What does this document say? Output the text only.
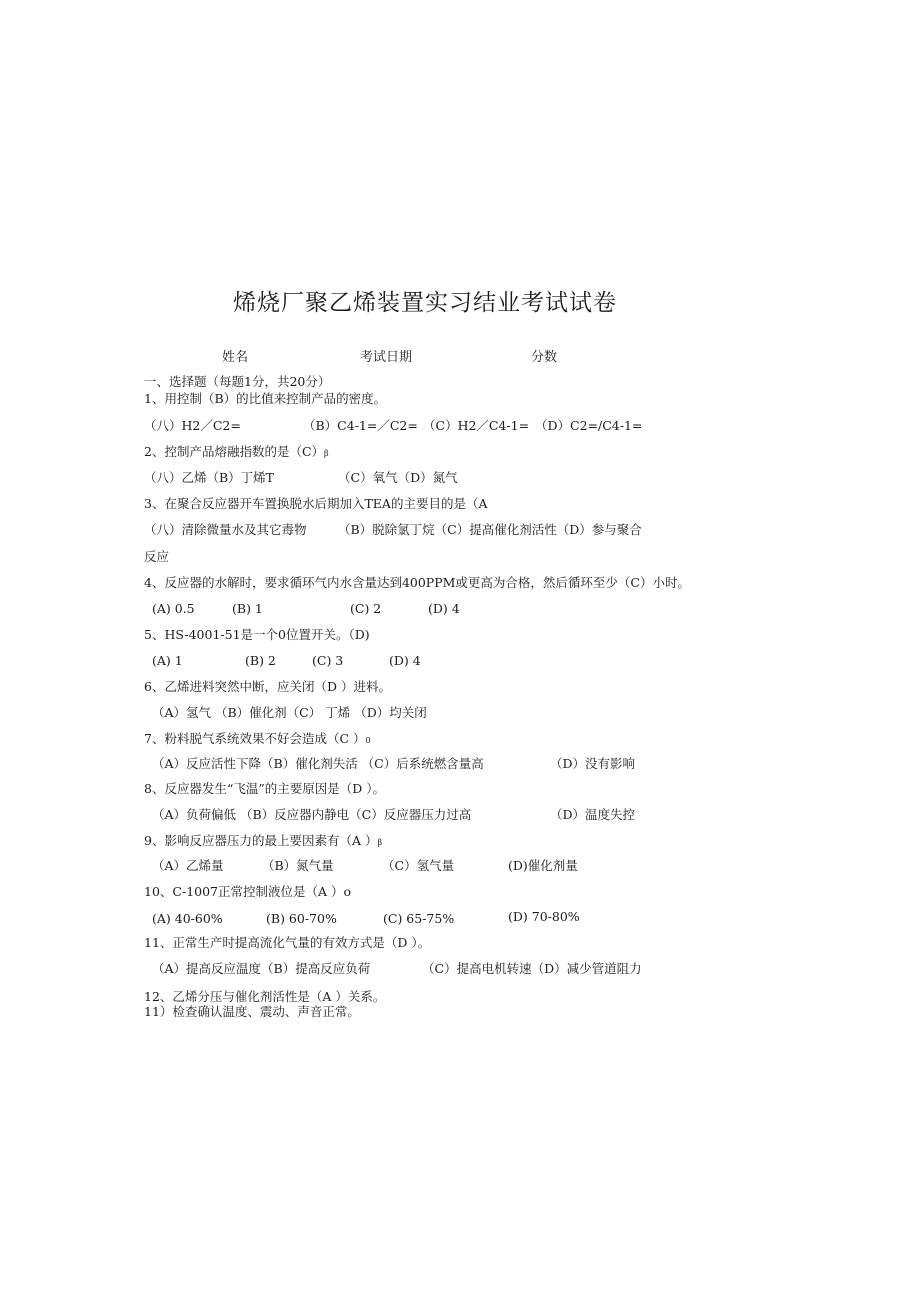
烯烧厂聚乙烯装置实习结业考试试卷
姓名	考试日期	分数
一、选择题（每题1分，共20分）
1、用控制（B）的比值来控制产品的密度。
（八）H2／C2=	（B）C4-1=／C2= （C）H2／C4-1= （D）C2=/C4-1=
2、控制产品熔融指数的是（C）β
（八）乙烯（B）丁烯T	（C）氧气（D）氮气
3、在聚合反应器开车置换脱水后期加入TEA的主要目的是（A
（八）清除微量水及其它毒物	（B）脱除氯丁烷（C）提高催化剂活性（D）参与聚合
反应
4、反应器的水解时，要求循环气内水含量达到400PPM或更高为合格，然后循环至少（C）小时。
(A) 0.5	(B) 1	(C) 2	(D) 4
5、HS-4001-51是一个0位置开关。（D)
(A) 1	(B) 2	(C) 3	(D) 4
6、乙烯进料突然中断，应关闭（D ）进料。
（A）氢气 （B）催化剂（C） 丁烯 （D）均关闭
7、粉料脱气系统效果不好会造成（C ）0
（A）反应活性下降（B）催化剂失活 （C）后系统燃含量高	（D）没有影响
8、反应器发生“飞温”的主要原因是（D ）。
（A）负荷偏低 （B）反应器内静电（C）反应器压力过高	（D）温度失控
9、影响反应器压力的最上要因素有（A ）β
（A）乙烯量	（B）氮气量	（C）氢气量	(D)催化剂量
10、C-1007正常控制液位是（A ）o
(A) 40-60%	(B) 60-70%	(C) 65-75%	(D) 70-80%
11、正常生产时提高流化气量的有效方式是（D ）。
（A）提高反应温度（B）提高反应负荷	（C）提高电机转速（D）减少管道阻力
12、乙烯分压与催化剂活性是（A ）关系。
11）检查确认温度、震动、声音正常。
